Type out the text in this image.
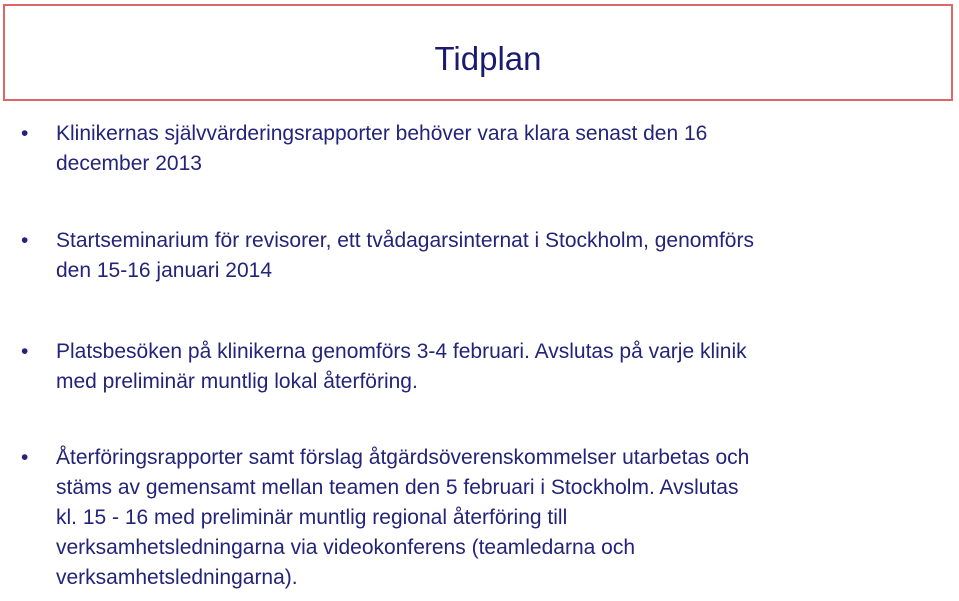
Tidplan
• Klinikernas självvärderingsrapporter behöver vara klara senast den 16
december 2013
• Startseminarium för revisorer, ett tvådagarsinternat i Stockholm, genomförs
den 15-16 januari 2014
• Platsbesöken på klinikerna genomförs 3-4 februari. Avslutas på varje klinik
med preliminär muntlig lokal återföring.
• Återföringsrapporter samt förslag åtgärdsöverenskommelser utarbetas och
stäms av gemensamt mellan teamen den 5 februari i Stockholm. Avslutas
kl. 15 - 16 med preliminär muntlig regional återföring till
verksamhetsledningarna via videokonferens (teamledarna och
verksamhetsledningarna).
